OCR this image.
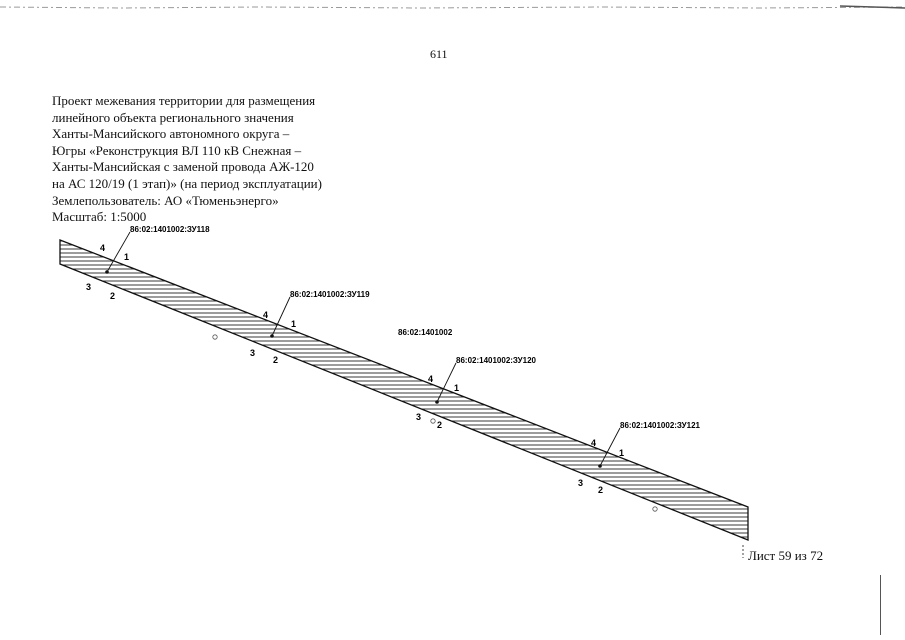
611
Проект межевания территории для размещения
линейного объекта регионального значения
Ханты-Мансийского автономного округа –
Югры «Реконструкция ВЛ 110 кВ Снежная –
Ханты-Мансийская с заменой провода АЖ-120
на АС 120/19 (1 этап)» (на период эксплуатации)
Землепользователь: АО «Тюменьэнерго»
Масштаб: 1:5000
86:02:1401002
86:02:1401002:ЗУ118
1
2
3
4
86:02:1401002:ЗУ119
1
2
3
4
86:02:1401002:ЗУ120
1
2
3
4
86:02:1401002:ЗУ121
1
2
3
4
Лист 59 из 72
